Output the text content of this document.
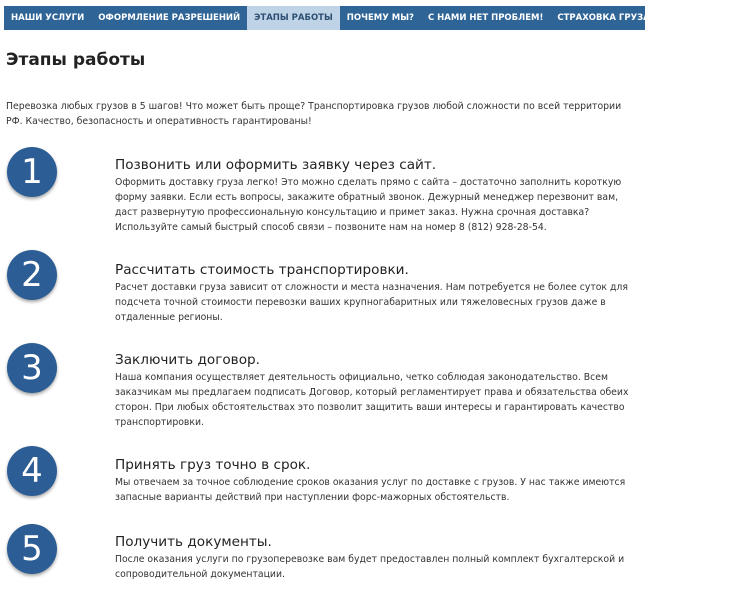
НАШИ УСЛУГИ	ОФОРМЛЕНИЕ РАЗРЕШЕНИЙ	ЭТАПЫ РАБОТЫ	ПОЧЕМУ МЫ?	С НАМИ НЕТ ПРОБЛЕМ!	СТРАХОВКА ГРУЗА	НАШИ КЛИЕНТЫ
Этапы работы

Перевозка любых грузов в 5 шагов! Что может быть проще? Транспортировка грузов любой сложности по всей территории РФ. Качество, безопасность и оперативность гарантированы!

1	Позвонить или оформить заявку через сайт.

Оформить доставку груза легко! Это можно сделать прямо с сайта – достаточно заполнить короткую форму заявки. Если есть вопросы, закажите обратный звонок. Дежурный менеджер перезвонит вам, даст развернутую профессиональную консультацию и примет заказ. Нужна срочная доставка? Используйте самый быстрый способ связи – позвоните нам на номер 8 (812) 928-28-54.

2	Рассчитать стоимость транспортировки.

Расчет доставки груза зависит от сложности и места назначения. Нам потребуется не более суток для подсчета точной стоимости перевозки ваших крупногабаритных или тяжеловесных грузов даже в отдаленные регионы.

3	Заключить договор.

Наша компания осуществляет деятельность официально, четко соблюдая законодательство. Всем заказчикам мы предлагаем подписать Договор, который регламентирует права и обязательства обеих сторон. При любых обстоятельствах это позволит защитить ваши интересы и гарантировать качество транспортировки.

4	Принять груз точно в срок.

Мы отвечаем за точное соблюдение сроков оказания услуг по доставке с грузов. У нас также имеются запасные варианты действий при наступлении форс-мажорных обстоятельств.

5	Получить документы.

После оказания услуги по грузоперевозке вам будет предоставлен полный комплект бухгалтерской и сопроводительной документации.
